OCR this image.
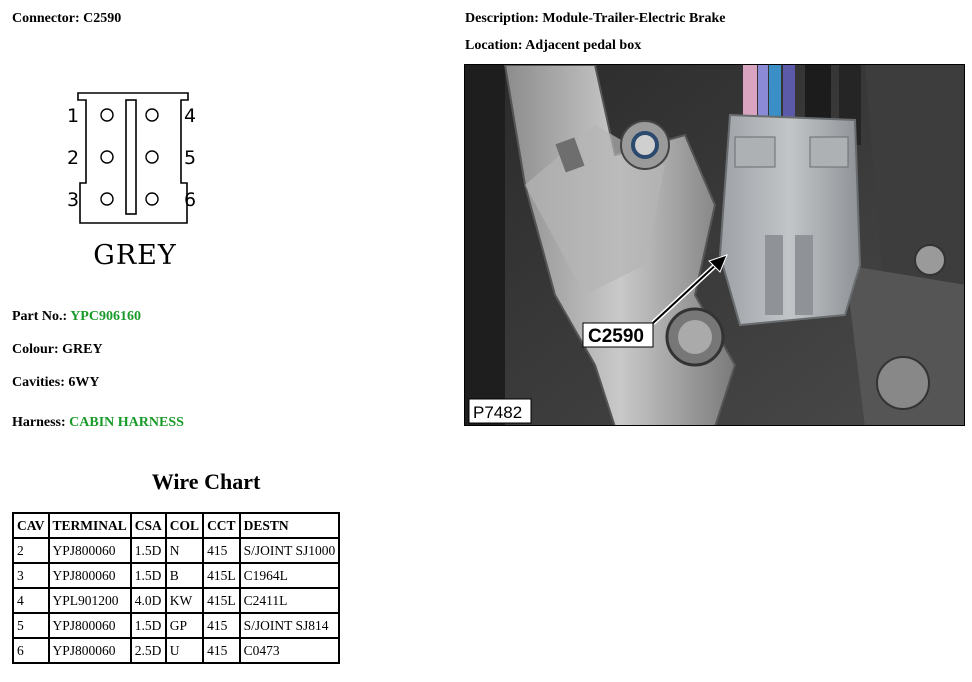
Connector: C2590	Description: Module-Trailer-Electric Brake
Location: Adjacent pedal box
1
2
3
4
5
6
GREY
Part No.: YPC906160
Colour: GREY
Cavities: 6WY
Harness: CABIN HARNESS
C2590
P7482
Wire Chart
CAV	TERMINAL	CSA	COL	CCT	DESTN
2	YPJ800060	1.5D	N	415	S/JOINT SJ1000
3	YPJ800060	1.5D	B	415L	C1964L
4	YPL901200	4.0D	KW	415L	C2411L
5	YPJ800060	1.5D	GP	415	S/JOINT SJ814
6	YPJ800060	2.5D	U	415	C0473
